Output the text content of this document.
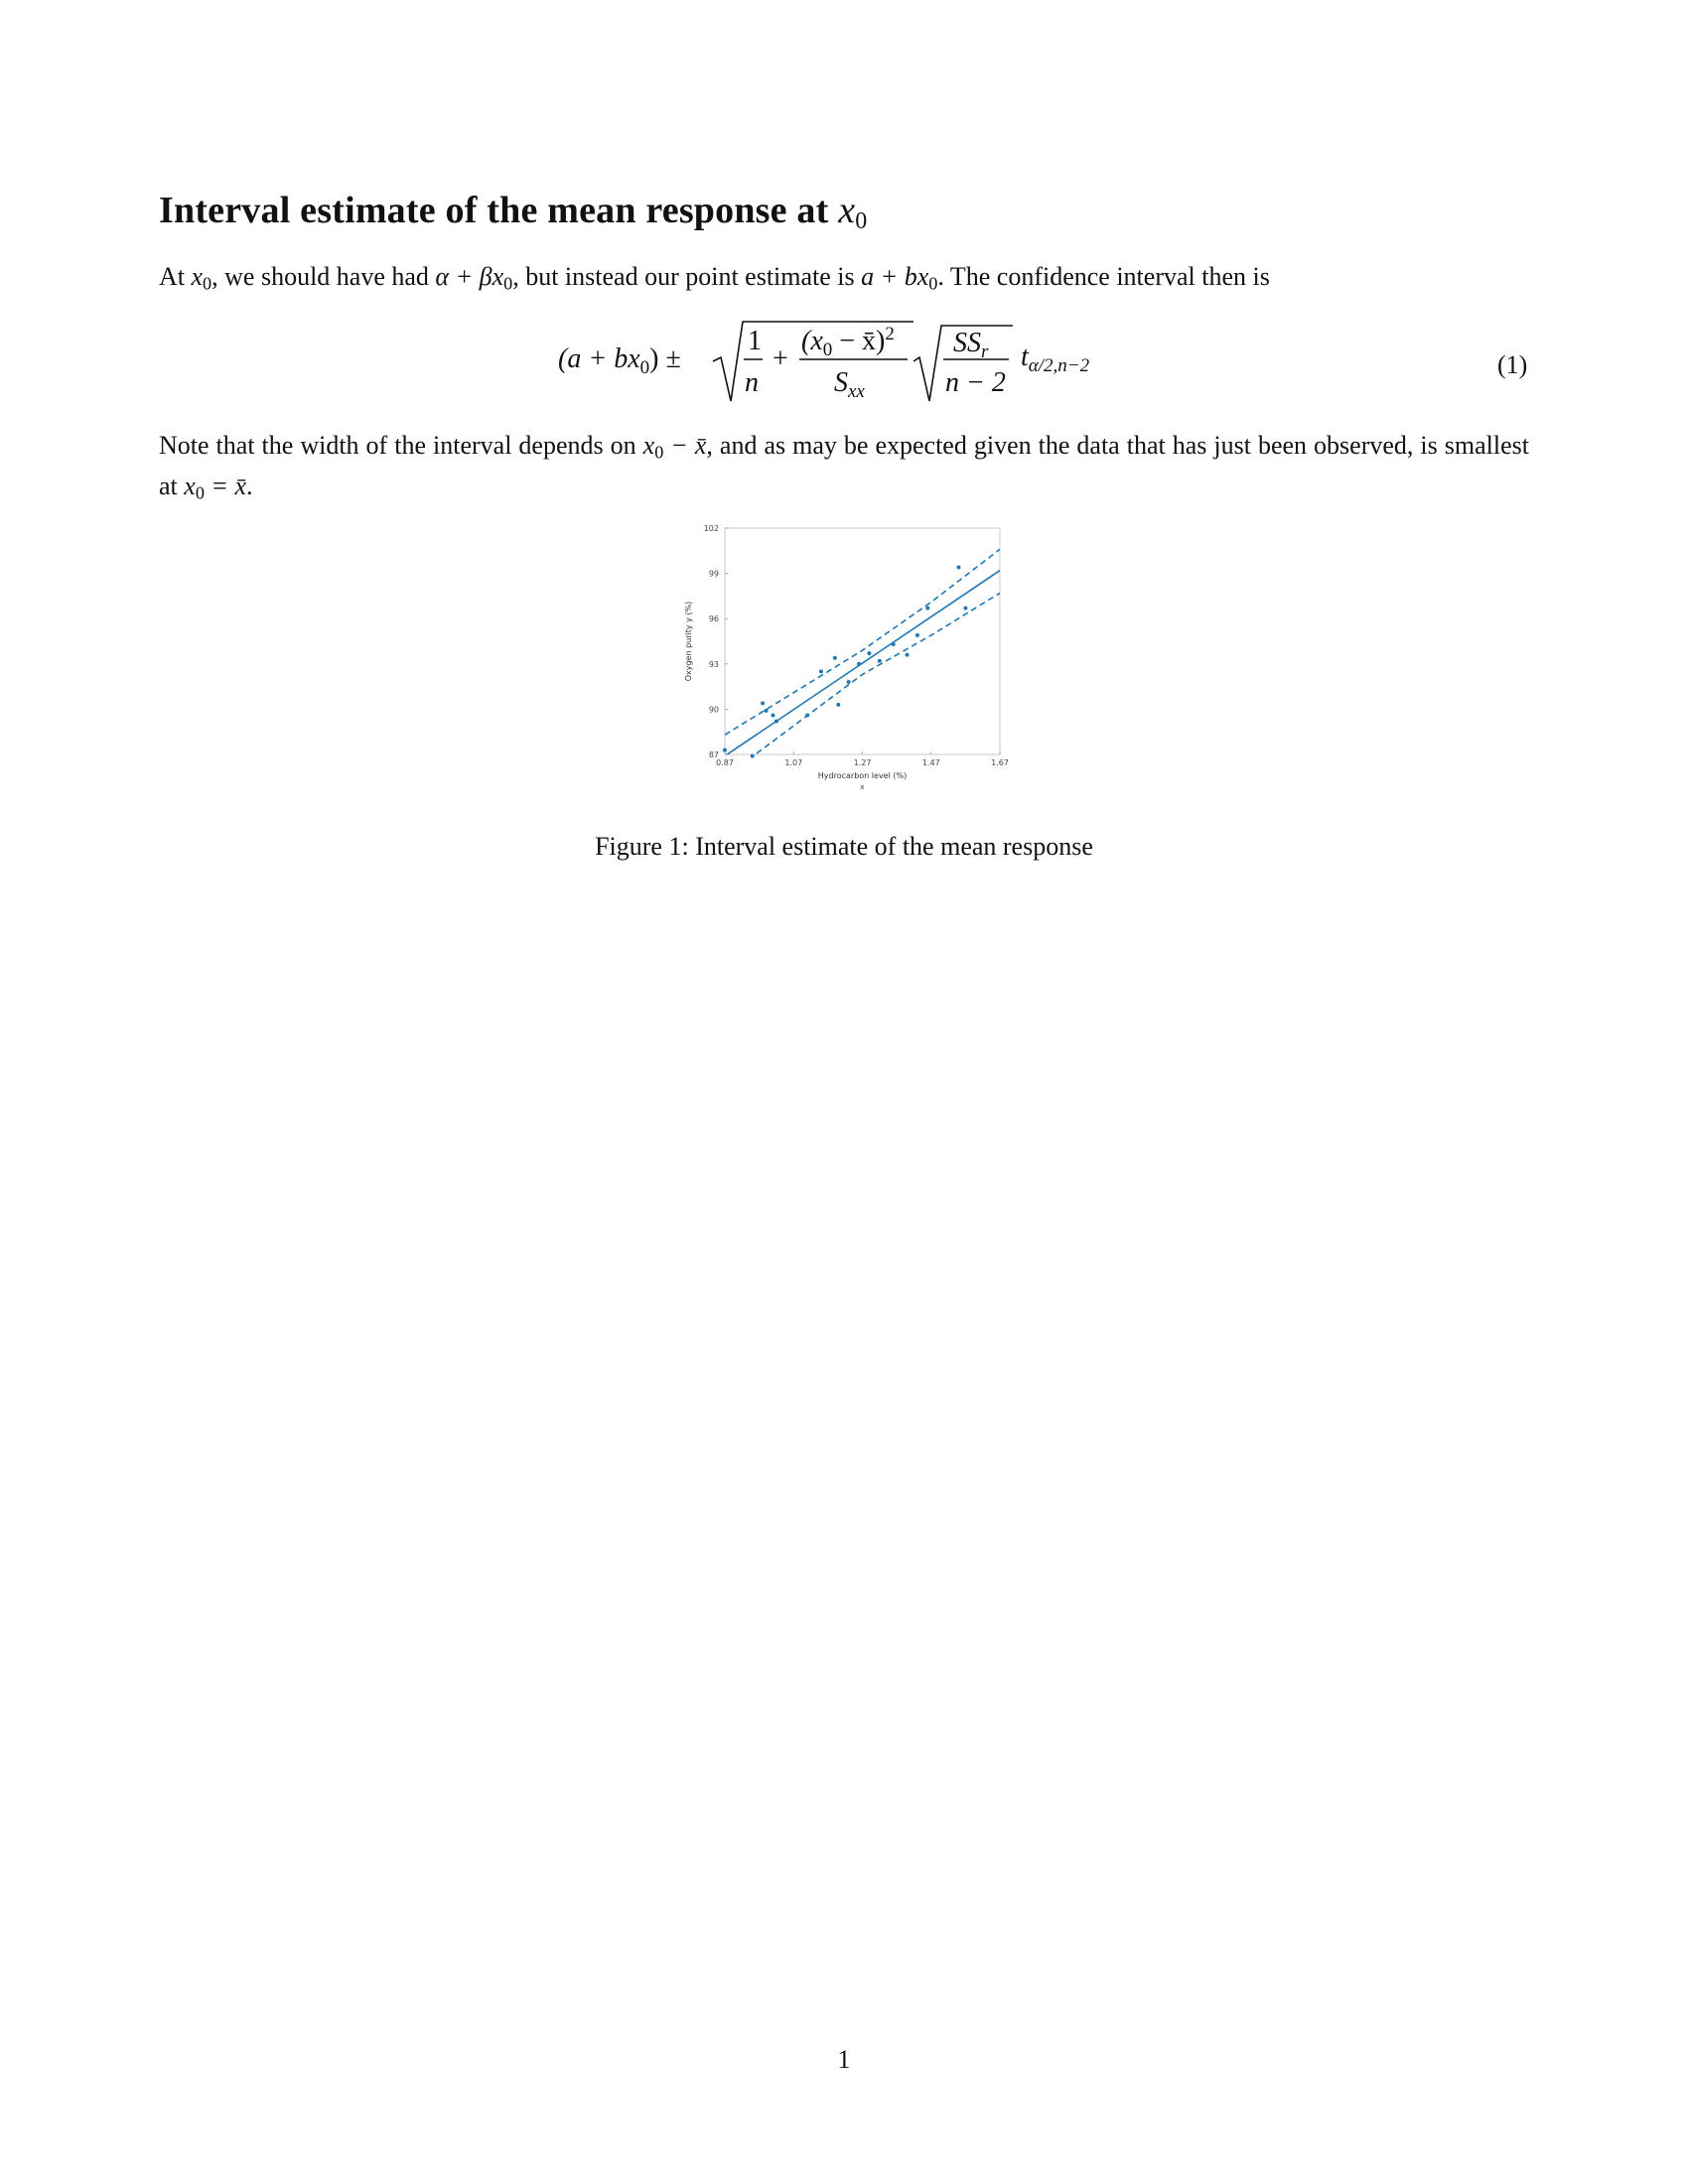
Interval estimate of the mean response at $x_0$

At $x_0$, we should have had $\alpha + \beta x_0$, but instead our point estimate is $a + bx_0$. The confidence interval then is

$(a + bx_0)$ ±
1
n
+
($x_0$ − x̄)$^2$
$S_{xx}$
$SS_r$
n − 2
$t_{\alpha/2,n-2}$	(1)

Note that the width of the interval depends on $x_0$ − x̄, and as may be expected given the data that has just been observed, is smallest at $x_0$ = x̄.

0.87	1.07	1.27	1.47	1.67
87
90
93
96
99
102
Hydrocarbon level (%)
x
Oxygen purity y (%)
Figure 1: Interval estimate of the mean response
1
